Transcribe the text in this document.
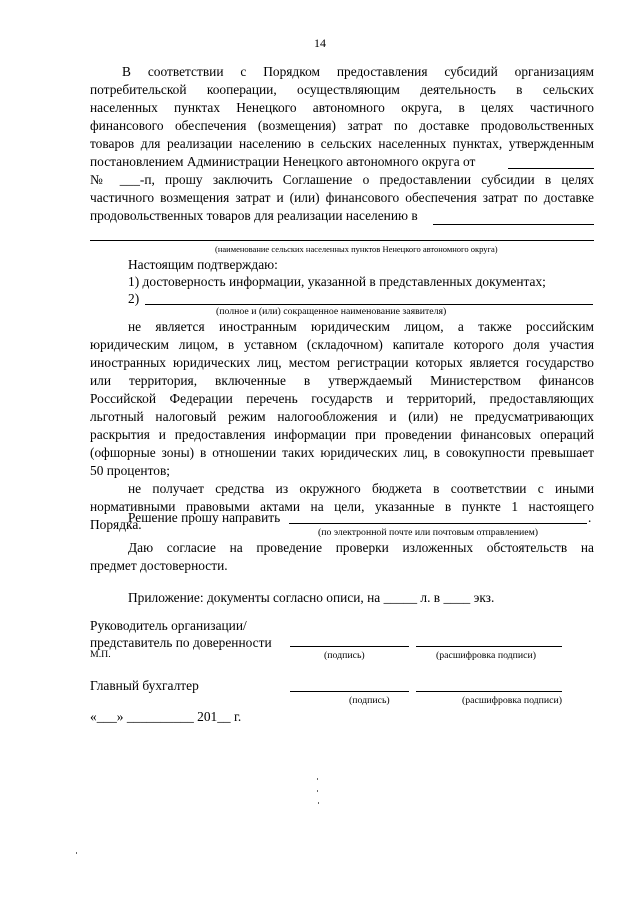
14
В соответствии с Порядком предоставления субсидий организациям
потребительской кооперации, осуществляющим деятельность в сельских
населенных пунктах Ненецкого автономного округа, в целях частичного
финансового обеспечения (возмещения) затрат по доставке продовольственных
товаров для реализации населению в сельских населенных пунктах, утвержденным
постановлением Администрации Ненецкого автономного округа от
№ ___-п, прошу заключить Соглашение о предоставлении субсидии в целях
частичного возмещения затрат и (или) финансового обеспечения затрат по доставке
продовольственных товаров для реализации населению в
(наименование сельских населенных пунктов Ненецкого автономного округа)
Настоящим подтверждаю:
1) достоверность информации, указанной в представленных документах;
2)
(полное и (или) сокращенное наименование заявителя)
не является иностранным юридическим лицом, а также российским
юридическим лицом, в уставном (складочном) капитале которого доля участия
иностранных юридических лиц, местом регистрации которых является государство
или территория, включенные в утверждаемый Министерством финансов
Российской Федерации перечень государств и территорий, предоставляющих
льготный налоговый режим налогообложения и (или) не предусматривающих
раскрытия и предоставления информации при проведении финансовых операций
(офшорные зоны) в отношении таких юридических лиц, в совокупности превышает
50 процентов;
не получает средства из окружного бюджета в соответствии с иными
нормативными правовыми актами на цели, указанные в пункте 1 настоящего
Порядка.
Решение прошу направить	.
(по электронной почте или почтовым отправлением)
Даю согласие на проведение проверки изложенных обстоятельств на
предмет достоверности.
Приложение: документы согласно описи, на _____ л. в ____ экз.
Руководитель организации/
представитель по доверенности
М.П.	(подпись)	(расшифровка подписи)
Главный бухгалтер
(подпись)	(расшифровка подписи)
«___» __________ 201__ г.
